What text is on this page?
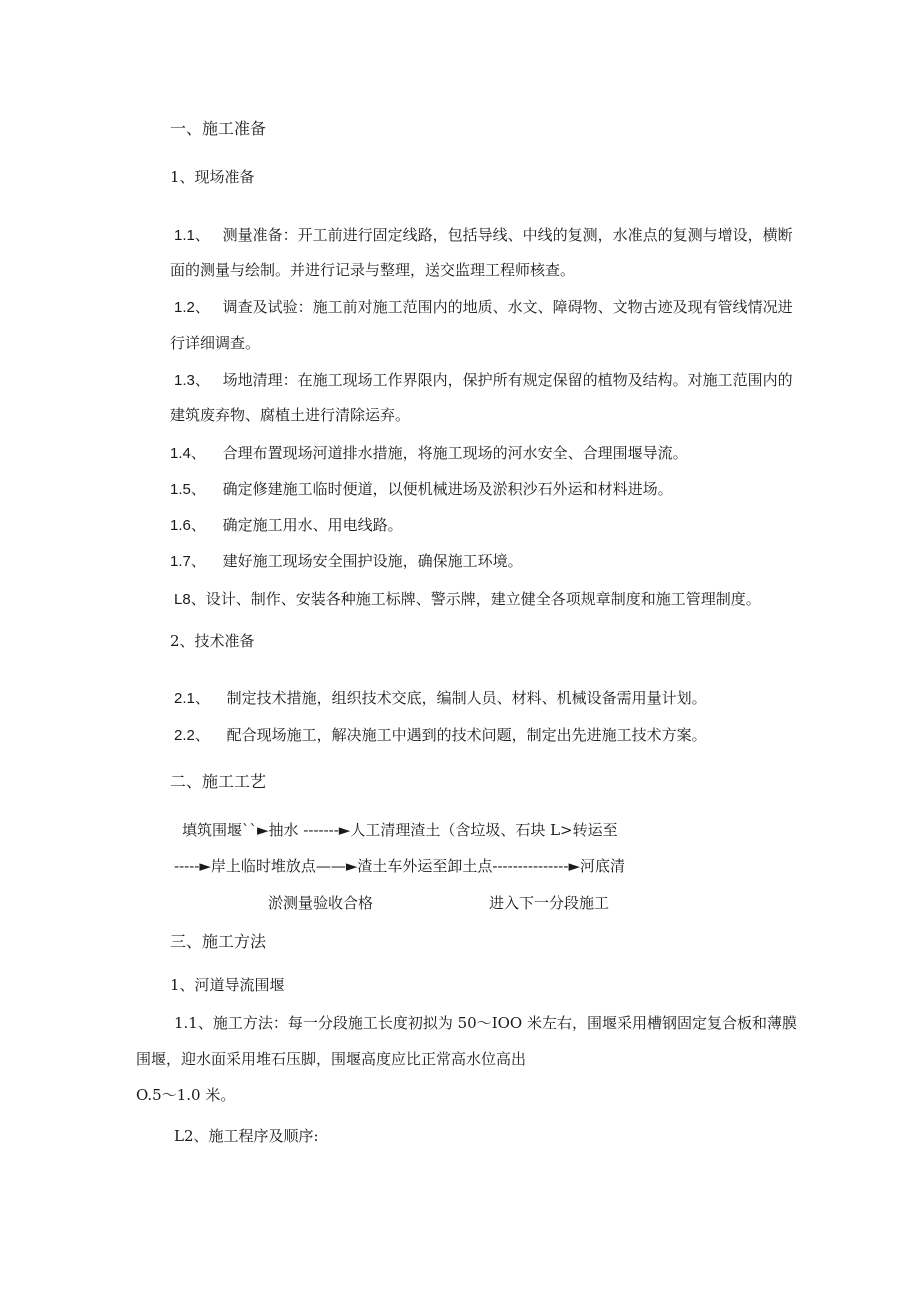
一、施工准备
1、现场准备
1.1、 测量准备：开工前进行固定线路，包括导线、中线的复测，水准点的复测与增设，横断
面的测量与绘制。并进行记录与整理，送交监理工程师核查。
1.2、 调查及试验：施工前对施工范围内的地质、水文、障碍物、文物古迹及现有管线情况进
行详细调查。
1.3、 场地清理：在施工现场工作界限内，保护所有规定保留的植物及结构。对施工范围内的
建筑废弃物、腐植土进行清除运弃。
1.4、 合理布置现场河道排水措施，将施工现场的河水安全、合理围堰导流。
1.5、 确定修建施工临时便道，以便机械进场及淤积沙石外运和材料进场。
1.6、 确定施工用水、用电线路。
1.7、 建好施工现场安全围护设施，确保施工环境。
L8、设计、制作、安装各种施工标牌、警示牌，建立健全各项规章制度和施工管理制度。
2、技术准备
2.1、 制定技术措施，组织技术交底，编制人员、材料、机械设备需用量计划。
2.2、 配合现场施工，解决施工中遇到的技术问题，制定出先进施工技术方案。
二、施工工艺
填筑围堰``►抽水 -------►人工清理渣土（含垃圾、石块 L>转运至
-----►岸上临时堆放点——►渣土车外运至卸土点---------------►河底清
淤测量验收合格	进入下一分段施工
三、施工方法
1、河道导流围堰
1.1、施工方法：每一分段施工长度初拟为 50～IOO 米左右，围堰采用槽钢固定复合板和薄膜
围堰，迎水面采用堆石压脚，围堰高度应比正常高水位高出
O.5～1.0 米。
L2、施工程序及顺序:
